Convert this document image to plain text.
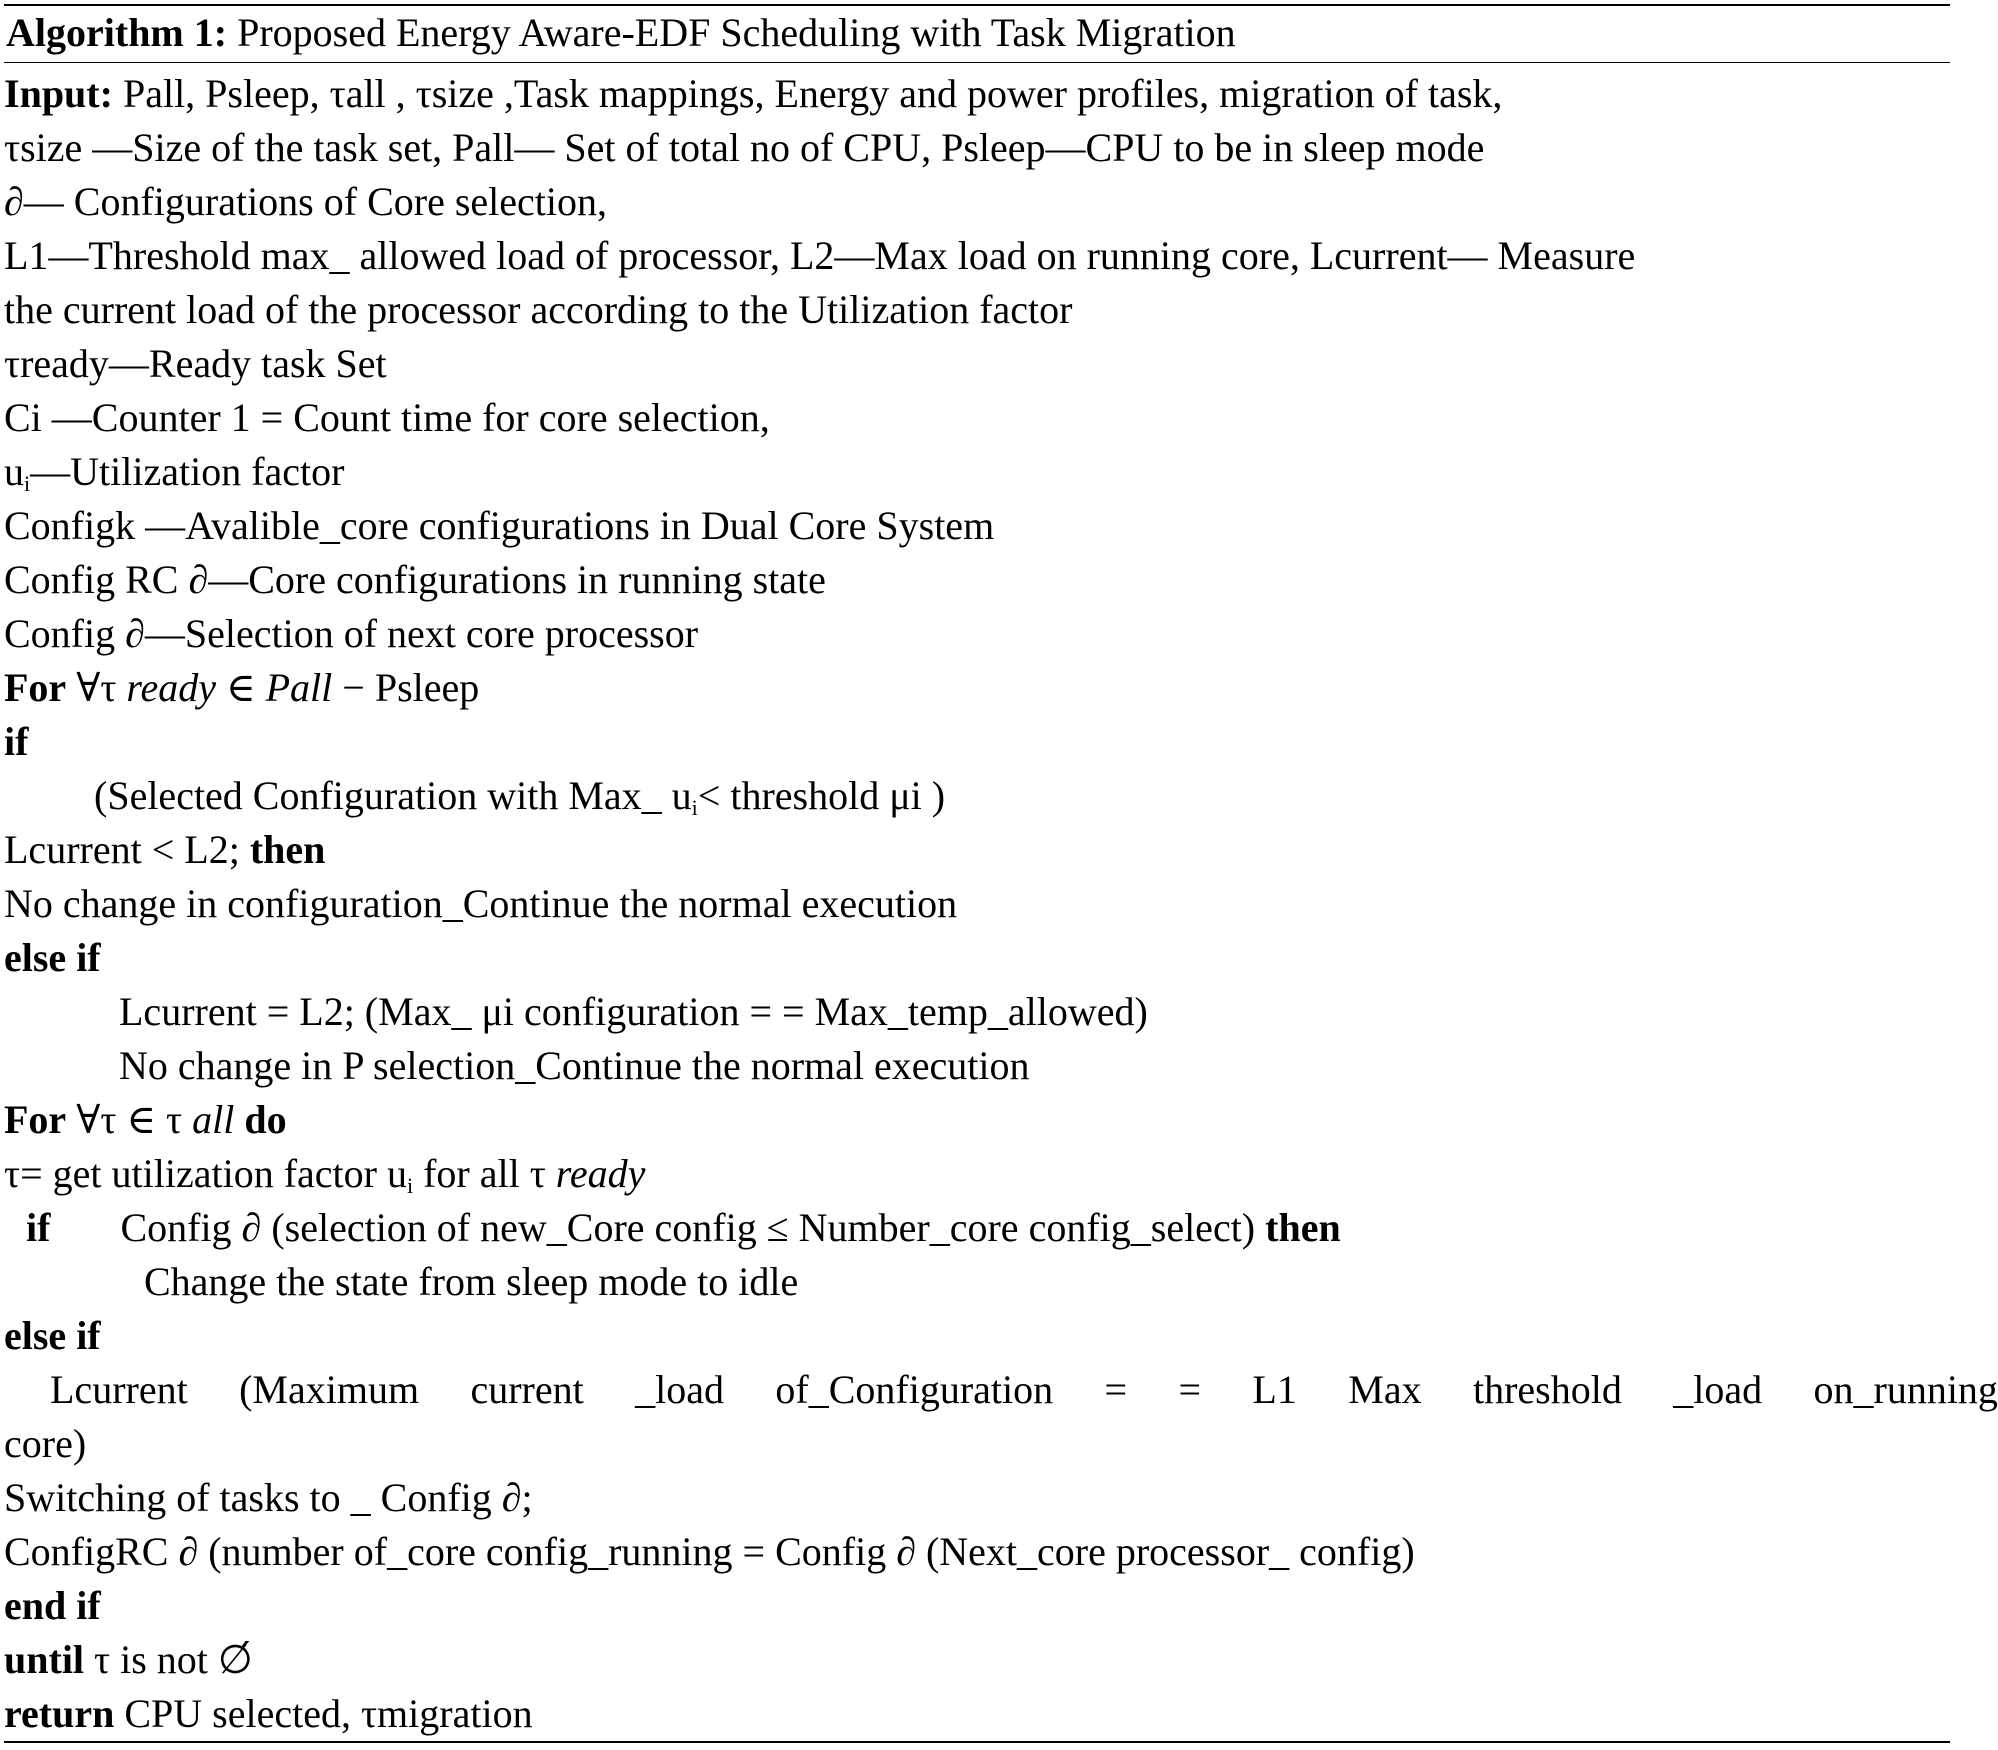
Algorithm 1: Proposed Energy Aware-EDF Scheduling with Task Migration
Input: Pall, Psleep, τall , τsize ,Task mappings, Energy and power profiles, migration of task,
τsize —Size of the task set, Pall— Set of total no of CPU, Psleep—CPU to be in sleep mode
∂— Configurations of Core selection,
L1—Threshold max_ allowed load of processor, L2—Max load on running core, Lcurrent— Measure
the current load of the processor according to the Utilization factor
τready—Ready task Set
Ci —Counter 1 = Count time for core selection,
$u_i—Utilization$ factor
Configk —Avalible_core configurations in Dual Core System
Config RC ∂—Core configurations in running state
Config ∂—Selection of next core processor
For ∀τ ready ∈ Pall − Psleep
if
(Selected Configuration with Max_ $u_i<$ threshold μi )
Lcurrent < L2; then
No change in configuration_Continue the normal execution
else if
Lcurrent = L2; (Max_ μi configuration = = Max_temp_allowed)
No change in P selection_Continue the normal execution
For ∀τ ∈ τ all do
τ= get utilization factor $u_i$ for all τ ready
if Config ∂ (selection of new_Core config ≤ Number_core config_select) then
Change the state from sleep mode to idle
else if
Lcurrent (Maximum current _load of_Configuration = = L1 Max threshold _load on_running
core)
Switching of tasks to _ Config ∂;
ConfigRC ∂ (number of_core config_running = Config ∂ (Next_core processor_ config)
end if
until τ is not ∅́
return CPU selected, τmigration
